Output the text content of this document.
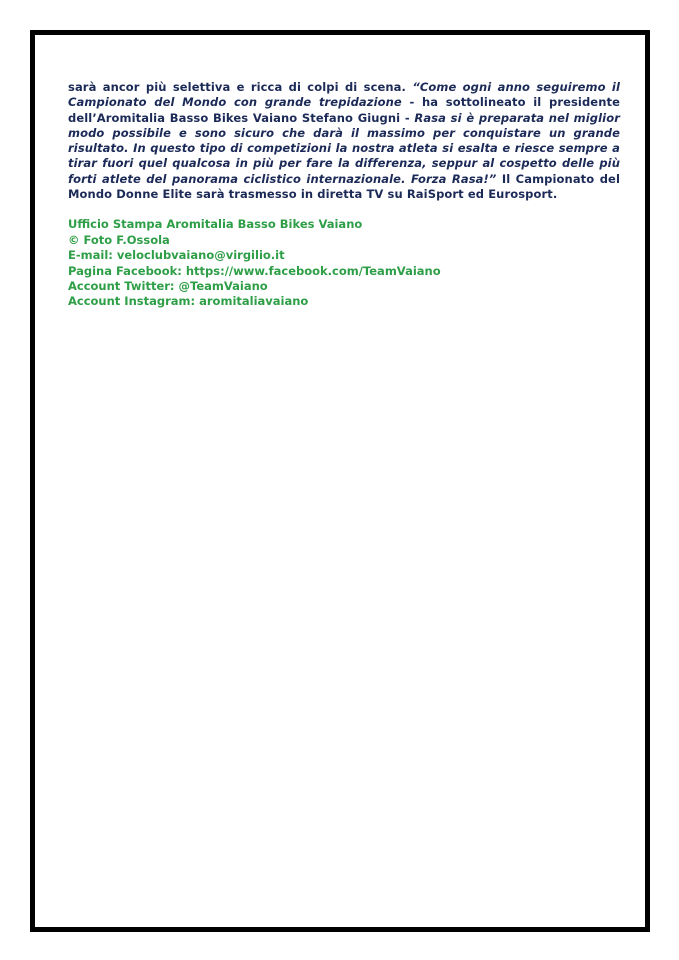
sarà ancor più selettiva e ricca di colpi di scena. “Come ogni anno seguiremo il Campionato del Mondo con grande trepidazione - ha sottolineato il presidente dell’Aromitalia Basso Bikes Vaiano Stefano Giugni - Rasa si è preparata nel miglior modo possibile e sono sicuro che darà il massimo per conquistare un grande risultato. In questo tipo di competizioni la nostra atleta si esalta e riesce sempre a tirar fuori quel qualcosa in più per fare la differenza, seppur al cospetto delle più forti atlete del panorama ciclistico internazionale. Forza Rasa!” Il Campionato del Mondo Donne Elite sarà trasmesso in diretta TV su RaiSport ed Eurosport.

Ufficio Stampa Aromitalia Basso Bikes Vaiano
© Foto F.Ossola
E-mail: veloclubvaiano@virgilio.it
Pagina Facebook: https://www.facebook.com/TeamVaiano
Account Twitter: @TeamVaiano
Account Instagram: aromitaliavaiano
